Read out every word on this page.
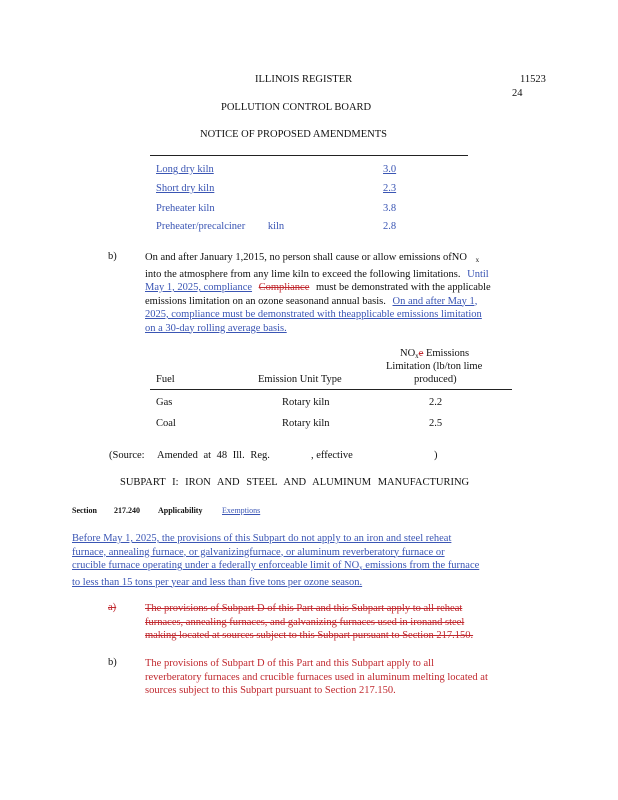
ILLINOIS REGISTER	11523
24
POLLUTION CONTROL BOARD
NOTICE OF PROPOSED AMENDMENTS
Long dry kiln	3.0
Short dry kiln	2.3
Preheater kiln	3.8
Preheater/precalciner kiln	2.8
b)	On and after January 1,2015, no person shall cause or allow emissions ofNO $_x$
into the atmosphere from any lime kiln to exceed the following limitations. Until
May 1, 2025, compliance Compliance must be demonstrated with the applicable
emissions limitation on an ozone seasonand annual basis. On and after May 1,
2025, compliance must be demonstrated with theapplicable emissions limitation
on a 30-day rolling average basis.
$NO_xe$ Emissions
Limitation (lb/ton lime
produced)
Fuel	Emission Unit Type
Gas	Rotary kiln	2.2
Coal	Rotary kiln	2.5
(Source: Amended at 48 Ill. Reg.	, effective	)
SUBPART I: IRON AND STEEL AND ALUMINUM MANUFACTURING
Section 217.240 Applicability Exemptions
Before May 1, 2025, the provisions of this Subpart do not apply to an iron and steel reheat
furnace, annealing furnace, or galvanizingfurnace, or aluminum reverberatory furnace or
crucible furnace operating under a federally enforceable limit of $NO_x$ emissions from the furnace
to less than 15 tons per year and less than five tons per ozone season.
a)	The provisions of Subpart D of this Part and this Subpart apply to all reheat
furnaces, annealing furnaces, and galvanizing furnaces used in ironand steel
making located at sources subject to this Subpart pursuant to Section 217.150.
b)	The provisions of Subpart D of this Part and this Subpart apply to all
reverberatory furnaces and crucible furnaces used in aluminum melting located at
sources subject to this Subpart pursuant to Section 217.150.
